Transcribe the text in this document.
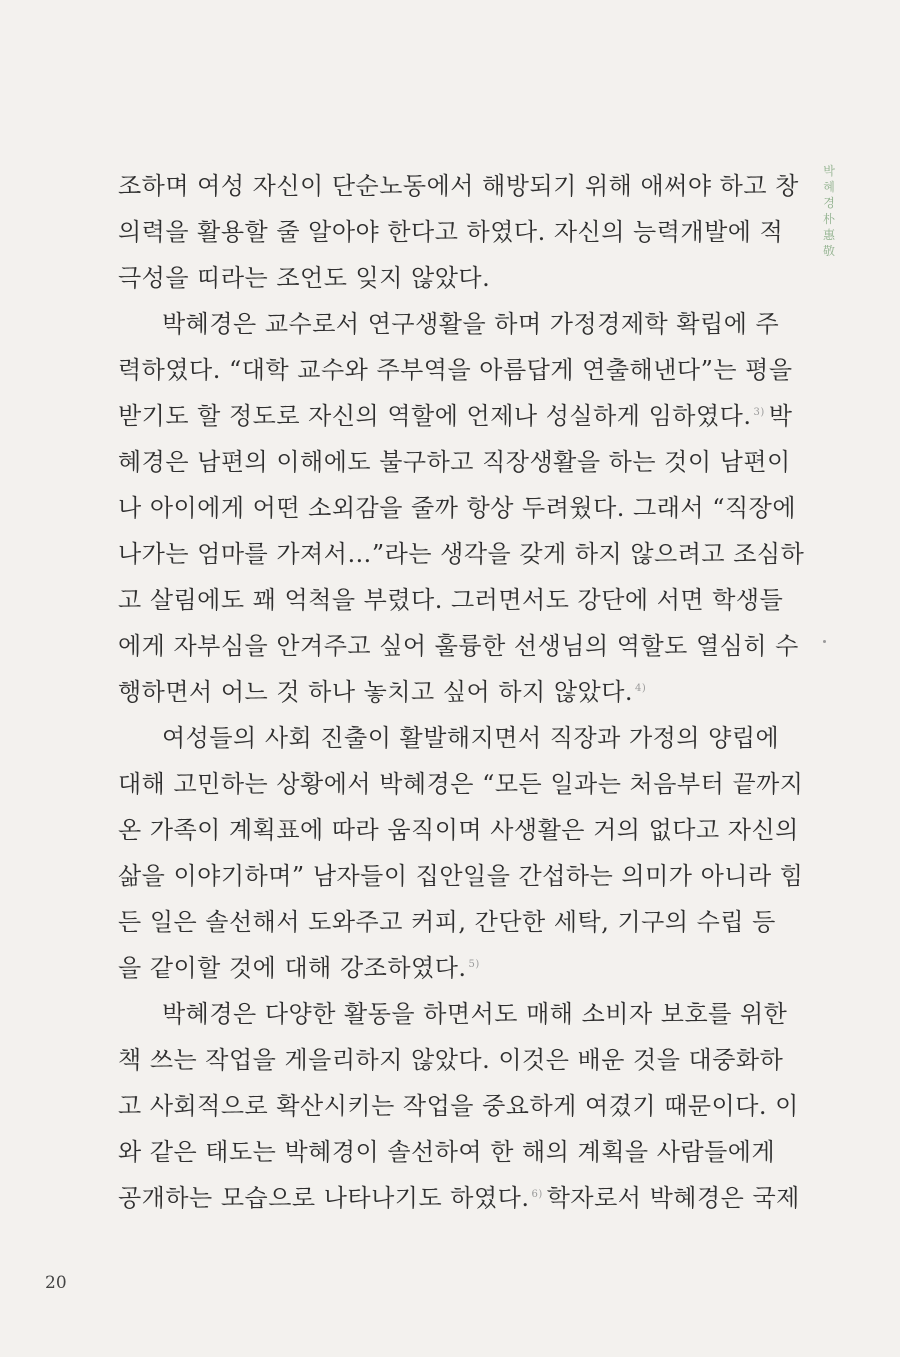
박
혜
경
朴
惠
敬
조하며 여성 자신이 단순노동에서 해방되기 위해 애써야 하고 창
의력을 활용할 줄 알아야 한다고 하였다. 자신의 능력개발에 적
극성을 띠라는 조언도 잊지 않았다.
박혜경은 교수로서 연구생활을 하며 가정경제학 확립에 주
력하였다. “대학 교수와 주부역을 아름답게 연출해낸다”는 평을
받기도 할 정도로 자신의 역할에 언제나 성실하게 임하였다. $^{3)}$ 박
혜경은 남편의 이해에도 불구하고 직장생활을 하는 것이 남편이
나 아이에게 어떤 소외감을 줄까 항상 두려웠다. 그래서 “직장에
나가는 엄마를 가져서…”라는 생각을 갖게 하지 않으려고 조심하
고 살림에도 꽤 억척을 부렸다. 그러면서도 강단에 서면 학생들
에게 자부심을 안겨주고 싶어 훌륭한 선생님의 역할도 열심히 수
행하면서 어느 것 하나 놓치고 싶어 하지 않았다. $^{4)}$
여성들의 사회 진출이 활발해지면서 직장과 가정의 양립에
대해 고민하는 상황에서 박혜경은 “모든 일과는 처음부터 끝까지
온 가족이 계획표에 따라 움직이며 사생활은 거의 없다고 자신의
삶을 이야기하며” 남자들이 집안일을 간섭하는 의미가 아니라 힘
든 일은 솔선해서 도와주고 커피, 간단한 세탁, 기구의 수립 등
을 같이할 것에 대해 강조하였다. $^{5)}$
박혜경은 다양한 활동을 하면서도 매해 소비자 보호를 위한
책 쓰는 작업을 게을리하지 않았다. 이것은 배운 것을 대중화하
고 사회적으로 확산시키는 작업을 중요하게 여겼기 때문이다. 이
와 같은 태도는 박혜경이 솔선하여 한 해의 계획을 사람들에게
공개하는 모습으로 나타나기도 하였다. $^{6)}$ 학자로서 박혜경은 국제
20
